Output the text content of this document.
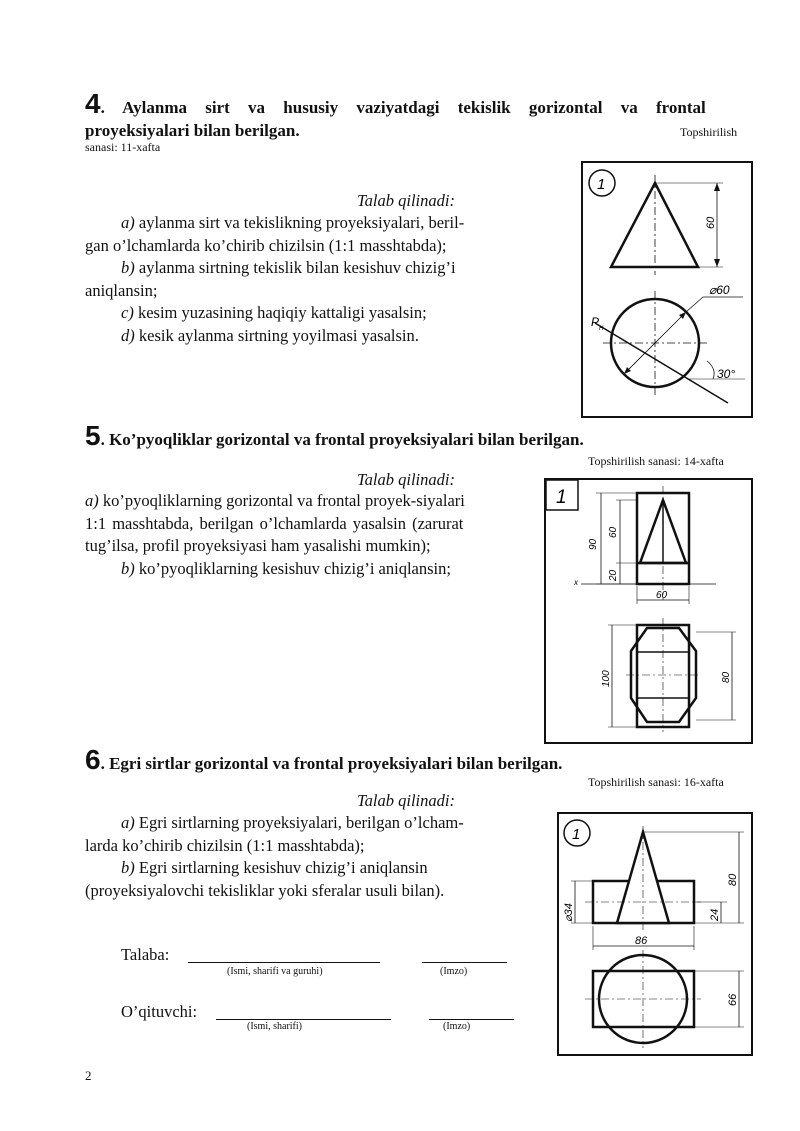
4. Aylanma sirt va hususiy vaziyatdagi tekislik gorizontal va frontal
proyeksiyalari bilan berilgan.	Topshirilish
sanasi: 11-xafta
Talab qilinadi:
a) aylanma sirt va tekislikning proyeksiyalari, beril-
gan o’lchamlarda ko’chirib chizilsin (1:1 masshtabda);
b) aylanma sirtning tekislik bilan kesishuv chizig’i
aniqlansin;
c) kesim yuzasining haqiqiy kattaligi yasalsin;
d) kesik aylanma sirtning yoyilmasi yasalsin.
1
60
⌀60
P H
30°
5. Ko’pyoqliklar gorizontal va frontal proyeksiyalari bilan berilgan.
Topshirilish sanasi: 14-xafta
Talab qilinadi:
a) ko’pyoqliklarning gorizontal va frontal proyek-siyalari
1:1 masshtabda, berilgan o’lchamlarda yasalsin (zarurat
tug’ilsa, profil proyeksiyasi ham yasalishi mumkin);
b) ko’pyoqliklarning kesishuv chizig’i aniqlansin;
1
x
90
60
20
60
100	80
6. Egri sirtlar gorizontal va frontal proyeksiyalari bilan berilgan.
Topshirilish sanasi: 16-xafta
Talab qilinadi:
a) Egri sirtlarning proyeksiyalari, berilgan o’lcham-
larda ko’chirib chizilsin (1:1 masshtabda);
b) Egri sirtlarning kesishuv chizig’i aniqlansin
(proyeksiyalovchi tekisliklar yoki sferalar usuli bilan).
1
⌀34
80
24
86
66
Talaba:
(Ismi, sharifi va guruhi)	(Imzo)
O’qituvchi:
(Ismi, sharifi)	(Imzo)
2
